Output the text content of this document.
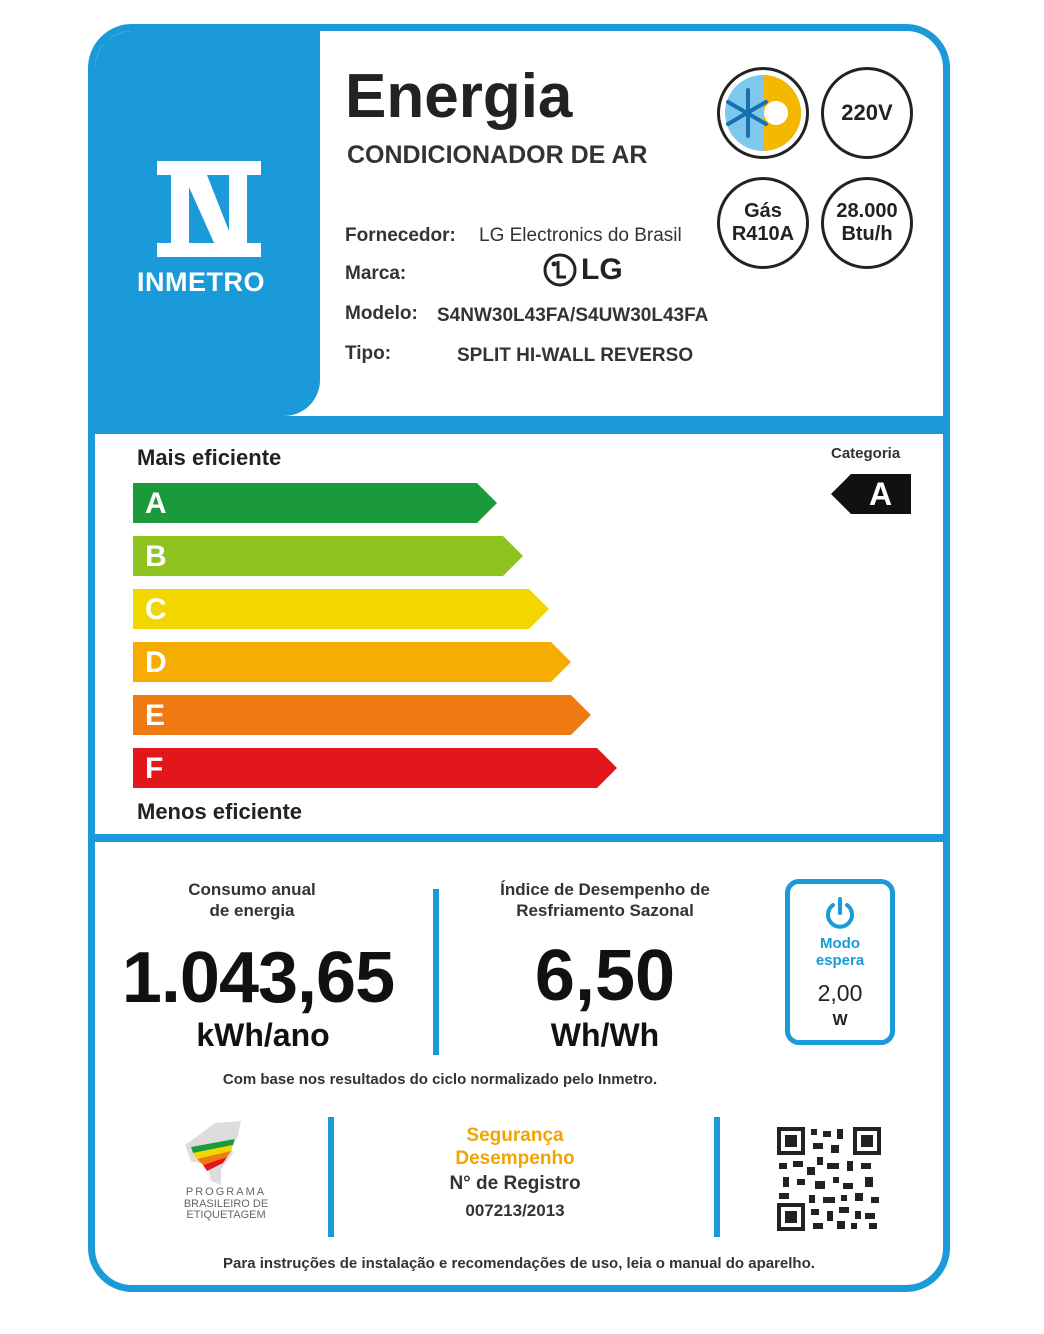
INMETRO
Energia
CONDICIONADOR DE AR
220V
Gás
R410A
28.000
Btu/h
Fornecedor: LG Electronics do Brasil
Marca:	LG
Modelo: S4NW30L43FA/S4UW30L43FA
Tipo:	SPLIT HI-WALL REVERSO
Mais eficiente
A
B
C
D
E
F
Menos eficiente
Categoria
A
Consumo anual
de energia
1.043,65
kWh/ano
Índice de Desempenho de
Resfriamento Sazonal
6,50
Wh/Wh
Modo
espera
2,00
W
Com base nos resultados do ciclo normalizado pelo Inmetro.
PROGRAMA
BRASILEIRO DE
ETIQUETAGEM
Segurança
Desempenho
N° de Registro
007213/2013
Para instruções de instalação e recomendações de uso, leia o manual do aparelho.
